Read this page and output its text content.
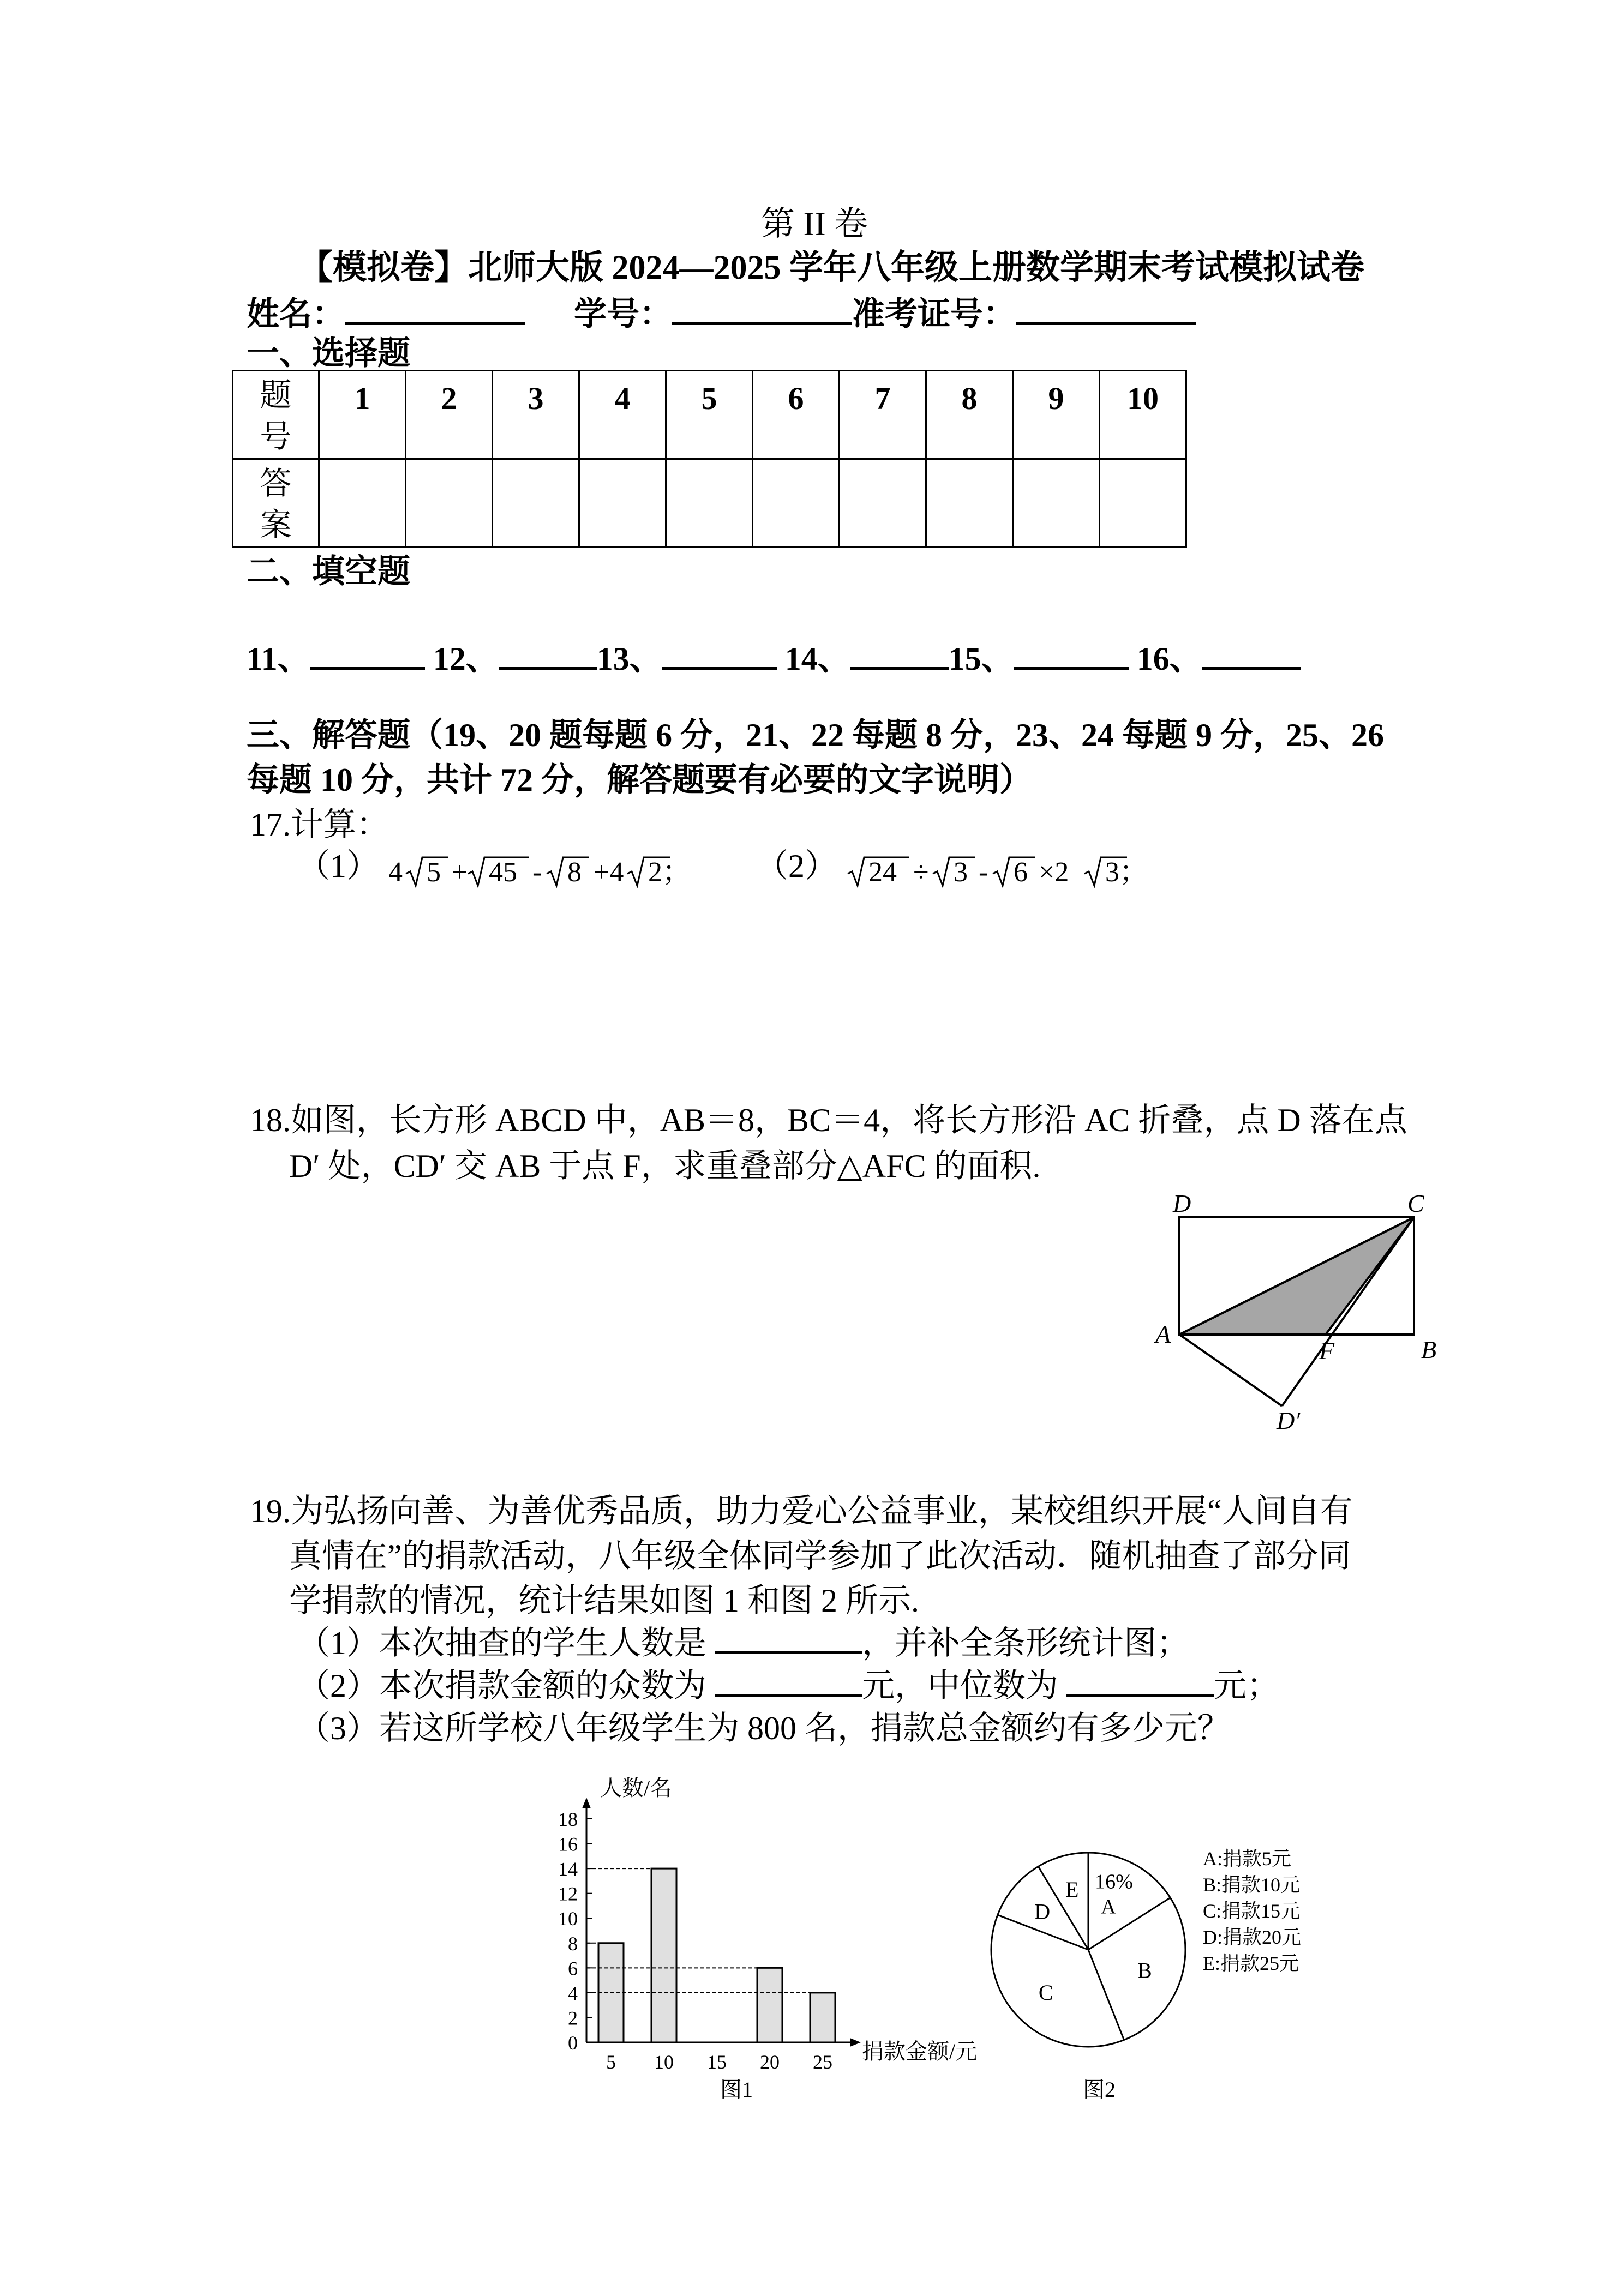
第 II 卷
【模拟卷】北师大版 2024—2025 学年八年级上册数学期末考试模拟试卷
姓名：	学号：	准考证号：
一、选择题
题
号	1	2	3	4	5	6	7	8	9	10
答
案										
二、填空题
11、	12、	13、	14、	15、	16、
三、解答题（19、20 题每题 6 分，21、22 每题 8 分，23、24 每题 9 分，25、26
每题 10 分，共计 72 分，解答题要有必要的文字说明）
17.计算：
（1） 4 5 + 45 - 8 +4 2； （2） 24 ÷ 3 - 6 ×2 3；
18.如图，长方形 ABCD 中，AB＝8，BC＝4，将长方形沿 AC 折叠，点 D 落在点
D′ 处，CD′ 交 AB 于点 F，求重叠部分△AFC 的面积.
D	C
A
B
F
D′
19.为弘扬向善、为善优秀品质，助力爱心公益事业，某校组织开展“人间自有
真情在”的捐款活动，八年级全体同学参加了此次活动．随机抽查了部分同
学捐款的情况，统计结果如图 1 和图 2 所示.
（1）本次抽查的学生人数是	，并补全条形统计图；
（2）本次捐款金额的众数为	元，中位数为	元；
（3）若这所学校八年级学生为 800 名，捐款总金额约有多少元？
人数/名
捐款金额/元
图1
0
2
4
6
8
10
12
14
16
18
5 10 15 20 25
16%
A
B
C
D
E
A:捐款5元
B:捐款10元
C:捐款15元
D:捐款20元
E:捐款25元
图2
